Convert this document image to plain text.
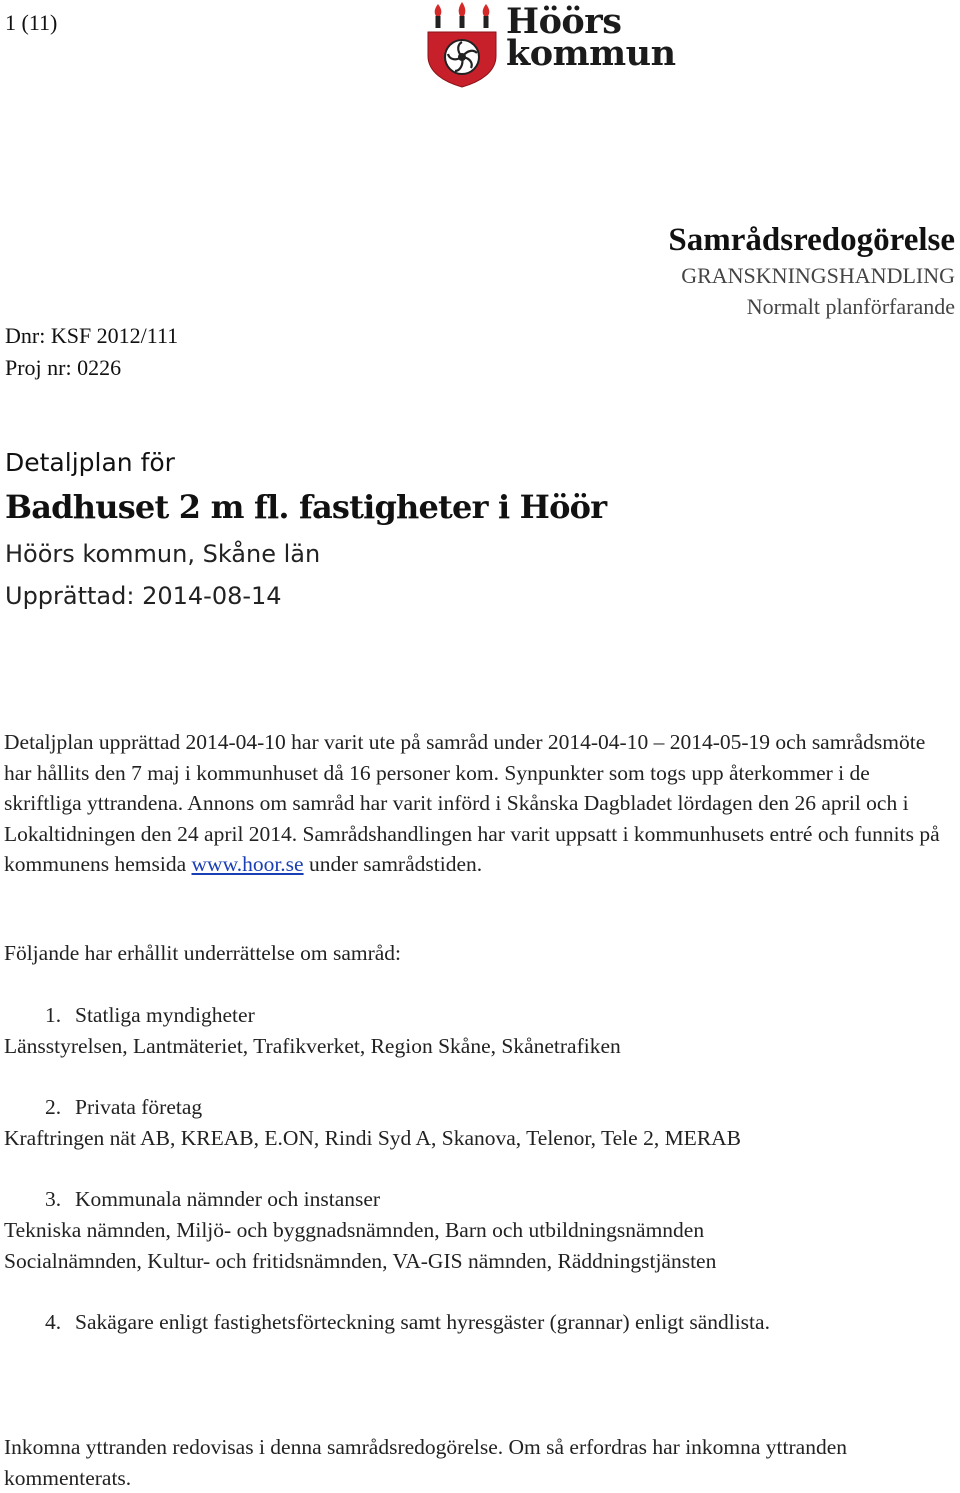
1 (11)	Höörs
kommun
Samrådsredogörelse
GRANSKNINGSHANDLING
Normalt planförfarande
Dnr: KSF 2012/111
Proj nr: 0226
Detaljplan för
Badhuset 2 m fl. fastigheter i Höör
Höörs kommun, Skåne län
Upprättad: 2014-08-14
Detaljplan upprättad 2014-04-10 har varit ute på samråd under 2014-04-10 – 2014-05-19 och samrådsmöte har hållits den 7 maj i kommunhuset då 16 personer kom. Synpunkter som togs upp återkommer i de skriftliga yttrandena. Annons om samråd har varit införd i Skånska Dagbladet lördagen den 26 april och i Lokaltidningen den 24 april 2014. Samrådshandlingen har varit uppsatt i kommunhusets entré och funnits på kommunens hemsida www.hoor.se under samrådstiden.
Följande har erhållit underrättelse om samråd:
1. Statliga myndigheter
Länsstyrelsen, Lantmäteriet, Trafikverket, Region Skåne, Skånetrafiken
2. Privata företag
Kraftringen nät AB, KREAB, E.ON, Rindi Syd A, Skanova, Telenor, Tele 2, MERAB
3. Kommunala nämnder och instanser
Tekniska nämnden, Miljö- och byggnadsnämnden, Barn och utbildningsnämnden
Socialnämnden, Kultur- och fritidsnämnden, VA-GIS nämnden, Räddningstjänsten
4. Sakägare enligt fastighetsförteckning samt hyresgäster (grannar) enligt sändlista.
Inkomna yttranden redovisas i denna samrådsredogörelse. Om så erfordras har inkomna yttranden kommenterats.
